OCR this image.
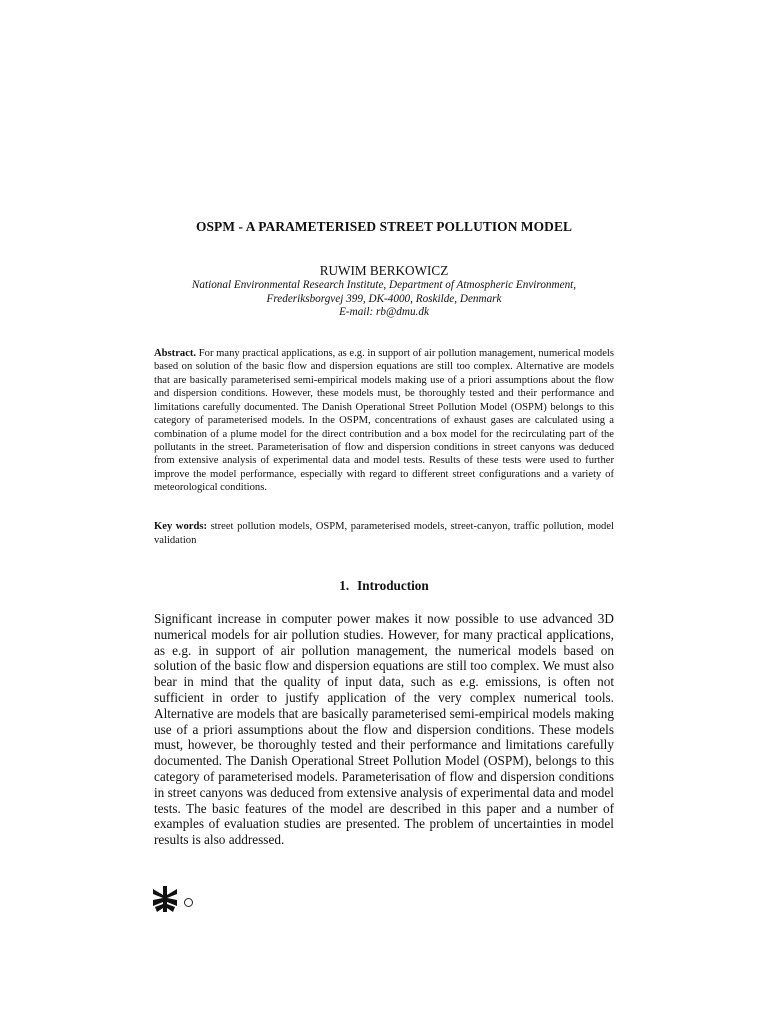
OSPM - A PARAMETERISED STREET POLLUTION MODEL
RUWIM BERKOWICZ
National Environmental Research Institute, Department of Atmospheric Environment,
Frederiksborgvej 399, DK-4000, Roskilde, Denmark
E-mail: rb@dmu.dk
Abstract. For many practical applications, as e.g. in support of air pollution management, numerical models based on solution of the basic flow and dispersion equations are still too complex. Alternative are models that are basically parameterised semi-empirical models making use of a priori assumptions about the flow and dispersion conditions. However, these models must, be thoroughly tested and their performance and limitations carefully documented. The Danish Operational Street Pollution Model (OSPM) belongs to this category of parameterised models. In the OSPM, concentrations of exhaust gases are calculated using a combination of a plume model for the direct contribution and a box model for the recirculating part of the pollutants in the street. Parameterisation of flow and dispersion conditions in street canyons was deduced from extensive analysis of experimental data and model tests. Results of these tests were used to further improve the model performance, especially with regard to different street configurations and a variety of meteorological conditions.
Key words: street pollution models, OSPM, parameterised models, street-canyon, traffic pollution, model validation
1. Introduction
Significant increase in computer power makes it now possible to use advanced 3D numerical models for air pollution studies. However, for many practical applications, as e.g. in support of air pollution management, the numerical models based on solution of the basic flow and dispersion equations are still too complex. We must also bear in mind that the quality of input data, such as e.g. emissions, is often not sufficient in order to justify application of the very complex numerical tools. Alternative are models that are basically parameterised semi-empirical models making use of a priori assumptions about the flow and dispersion conditions. These models must, however, be thoroughly tested and their performance and limitations carefully documented. The Danish Operational Street Pollution Model (OSPM), belongs to this category of parameterised models. Parameterisation of flow and dispersion conditions in street canyons was deduced from extensive analysis of experimental data and model tests. The basic features of the model are described in this paper and a number of examples of evaluation studies are presented. The problem of uncertainties in model results is also addressed.
